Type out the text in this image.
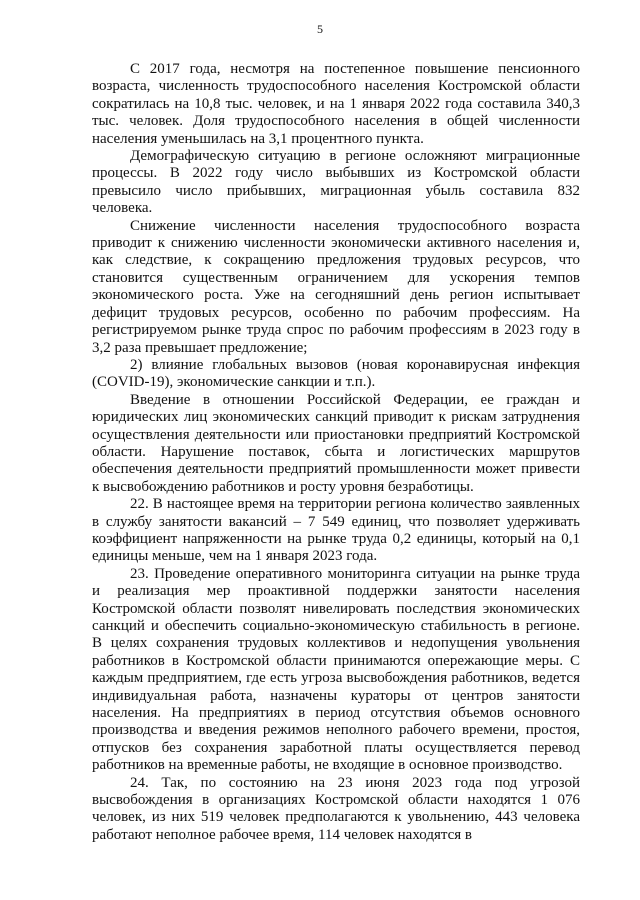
5

С 2017 года, несмотря на постепенное повышение пенсионного возраста, численность трудоспособного населения Костромской области сократилась на 10,8 тыс. человек, и на 1 января 2022 года составила 340,3 тыс. человек. Доля трудоспособного населения в общей численности населения уменьшилась на 3,1 процентного пункта.

Демографическую ситуацию в регионе осложняют миграционные процессы. В 2022 году число выбывших из Костромской области превысило число прибывших, миграционная убыль составила 832 человека.

Снижение численности населения трудоспособного возраста приводит к снижению численности экономически активного населения и, как следствие, к сокращению предложения трудовых ресурсов, что становится существенным ограничением для ускорения темпов экономического роста. Уже на сегодняшний день регион испытывает дефицит трудовых ресурсов, особенно по рабочим профессиям. На регистрируемом рынке труда спрос по рабочим профессиям в 2023 году в 3,2 раза превышает предложение;

2) влияние глобальных вызовов (новая коронавирусная инфекция (COVID-19), экономические санкции и т.п.).

Введение в отношении Российской Федерации, ее граждан и юридических лиц экономических санкций приводит к рискам затруднения осуществления деятельности или приостановки предприятий Костромской области. Нарушение поставок, сбыта и логистических маршрутов обеспечения деятельности предприятий промышленности может привести к высвобождению работников и росту уровня безработицы.

22. В настоящее время на территории региона количество заявленных в службу занятости вакансий – 7 549 единиц, что позволяет удерживать коэффициент напряженности на рынке труда 0,2 единицы, который на 0,1 единицы меньше, чем на 1 января 2023 года.

23. Проведение оперативного мониторинга ситуации на рынке труда и реализация мер проактивной поддержки занятости населения Костромской области позволят нивелировать последствия экономических санкций и обеспечить социально-экономическую стабильность в регионе. В целях сохранения трудовых коллективов и недопущения увольнения работников в Костромской области принимаются опережающие меры. С каждым предприятием, где есть угроза высвобождения работников, ведется индивидуальная работа, назначены кураторы от центров занятости населения. На предприятиях в период отсутствия объемов основного производства и введения режимов неполного рабочего времени, простоя, отпусков без сохранения заработной платы осуществляется перевод работников на временные работы, не входящие в основное производство.

24. Так, по состоянию на 23 июня 2023 года под угрозой высвобождения в организациях Костромской области находятся 1 076 человек, из них 519 человек предполагаются к увольнению, 443 человека работают неполное рабочее время, 114 человек находятся в
